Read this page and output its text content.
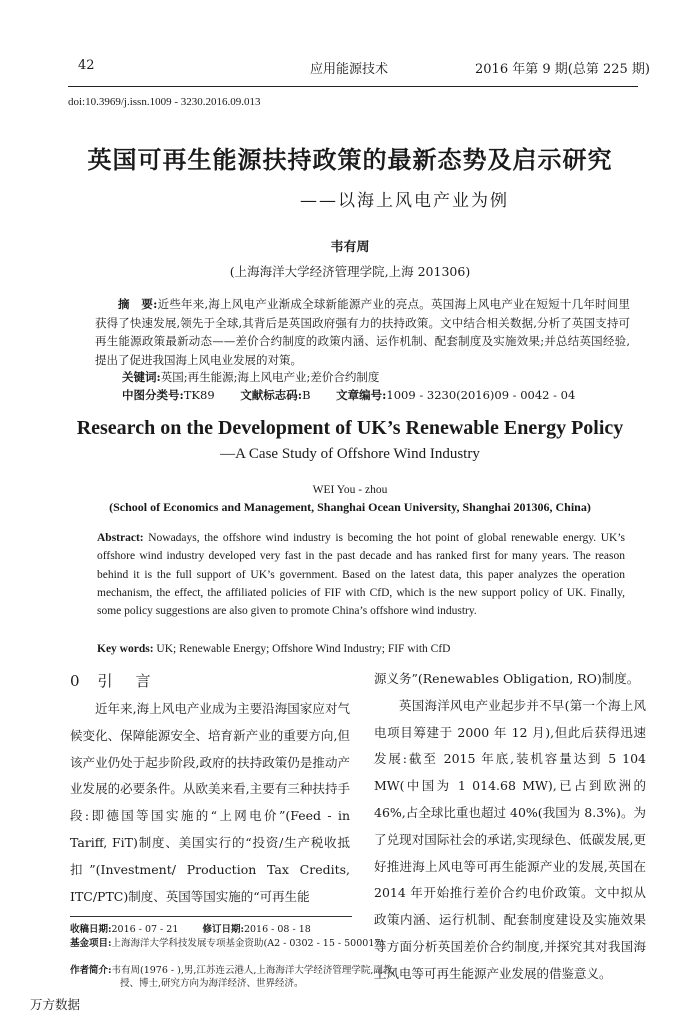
42	应用能源技术	2016 年第 9 期(总第 225 期)
doi:10.3969/j.issn.1009 - 3230.2016.09.013
英国可再生能源扶持政策的最新态势及启示研究
——以海上风电产业为例
韦有周
(上海海洋大学经济管理学院,上海 201306)
摘　要:近些年来,海上风电产业渐成全球新能源产业的亮点。英国海上风电产业在短短十几年时间里获得了快速发展,领先于全球,其背后是英国政府强有力的扶持政策。文中结合相关数据,分析了英国支持可再生能源政策最新动态——差价合约制度的政策内涵、运作机制、配套制度及实施效果;并总结英国经验,提出了促进我国海上风电业发展的对策。
关键词:英国;再生能源;海上风电产业;差价合约制度
中图分类号:TK89 文献标志码:B 文章编号:1009 - 3230(2016)09 - 0042 - 04
Research on the Development of UK’s Renewable Energy Policy
—A Case Study of Offshore Wind Industry
WEI You - zhou
(School of Economics and Management, Shanghai Ocean University, Shanghai 201306, China)
Abstract: Nowadays, the offshore wind industry is becoming the hot point of global renewable energy. UK’s offshore wind industry developed very fast in the past decade and has ranked first for many years. The reason behind it is the full support of UK’s government. Based on the latest data, this paper analyzes the operation mechanism, the effect, the affiliated policies of FIF with CfD, which is the new support policy of UK. Finally, some policy suggestions are also given to promote China’s offshore wind industry.
Key words: UK; Renewable Energy; Offshore Wind Industry; FIF with CfD
0 引　言

近年来,海上风电产业成为主要沿海国家应对气候变化、保障能源安全、培育新产业的重要方向,但该产业仍处于起步阶段,政府的扶持政策仍是推动产业发展的必要条件。从欧美来看,主要有三种扶持手段:即德国等国实施的“上网电价”(Feed - in Tariff, FiT)制度、美国实行的“投资/生产税收抵扣”(Investment/ Production Tax Credits, ITC/PTC)制度、英国等国实施的“可再生能

源义务”(Renewables Obligation, RO)制度。

英国海洋风电产业起步并不早(第一个海上风电项目筹建于 2000 年 12 月),但此后获得迅速发展:截至 2015 年底,装机容量达到 5 104 MW(中国为 1 014.68 MW),已占到欧洲的 46%,占全球比重也超过 40%(我国为 8.3%)。为了兑现对国际社会的承诺,实现绿色、低碳发展,更好推进海上风电等可再生能源产业的发展,英国在 2014 年开始推行差价合约电价政策。文中拟从政策内涵、运行机制、配套制度建设及实施效果等方面分析英国差价合约制度,并探究其对我国海上风电等可再生能源产业发展的借鉴意义。

收稿日期:2016 - 07 - 21	修订日期:2016 - 08 - 18
基金项目:上海海洋大学科技发展专项基金资助(A2 - 0302 - 15 - 500017)
作者简介:韦有周(1976 - ),男,江苏连云港人,上海海洋大学经济管理学院,副教授、博士,研究方向为海洋经济、世界经济。
万方数据
